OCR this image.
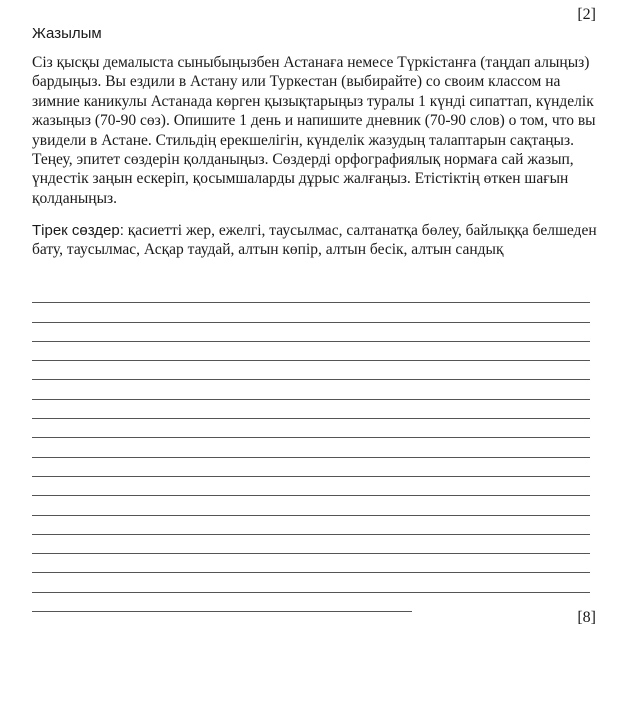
[2]
Жазылым
Сіз қысқы демалыста сыныбыңызбен Астанаға немесе Түркістанға (таңдап алыңыз) бардыңыз. Вы ездили в Астану или Туркестан (выбирайте) со своим классом на зимние каникулы Астанада көрген қызықтарыңыз туралы 1 күнді сипаттап, күнделік жазыңыз (70-90 сөз). Опишите 1 день и напишите дневник (70-90 слов) о том, что вы увидели в Астане. Стильдің ерекшелігін, күнделік жазудың талаптарын сақтаңыз. Теңеу, эпитет сөздерін қолданыңыз. Сөздерді орфографиялық нормаға сай жазып, үндестік заңын ескеріп, қосымшаларды дұрыс жалғаңыз. Етістіктің өткен шағын қолданыңыз.
Тірек сөздер: қасиетті жер, ежелгі, таусылмас, салтанатқа бөлеу, байлыққа белшеден бату, таусылмас, Асқар таудай, алтын көпір, алтын бесік, алтын сандық
[8]
